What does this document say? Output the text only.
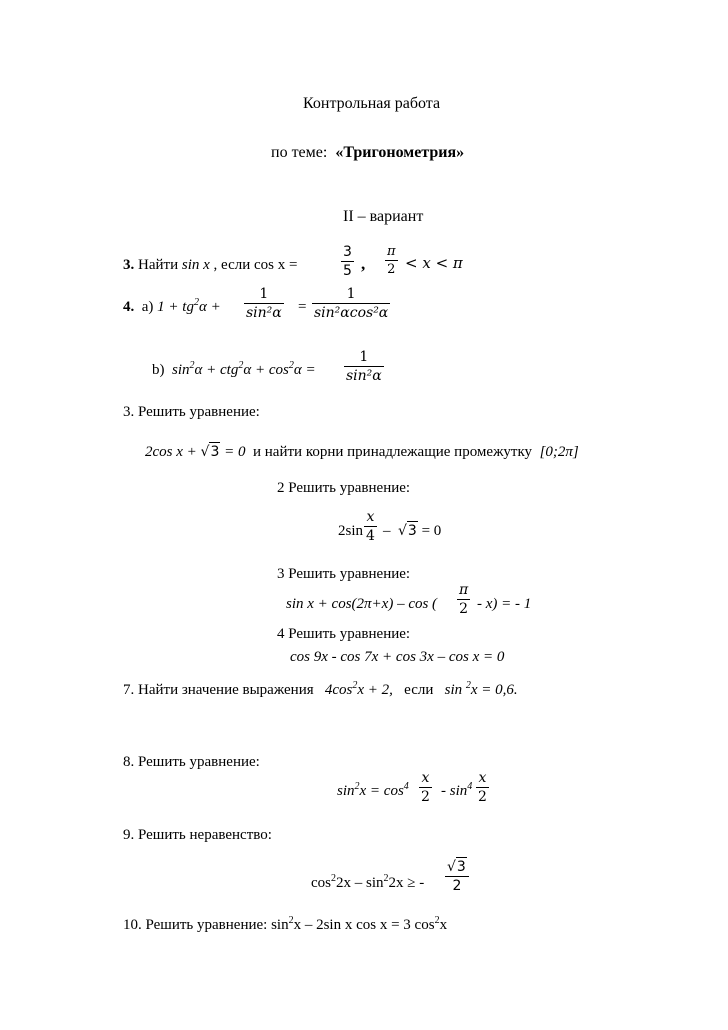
Контрольная работа
по теме: «Тригонометрия»
II – вариант
3. Найти sin x , если cos x =	$\frac{3}{5}$ , $\frac{\pi}{2} < x < \pi$
4. а) $1 + tg^2\alpha + \frac{1}{\text{sin²α}} = \frac{1}{\text{sin²αcos²α}}$
b) $\sin^2\alpha + ctg^2\alpha + \cos^2\alpha = \frac{1}{\text{sin²α}}$
3. Решить уравнение:
2cos x + √3 = 0 и найти корни принадлежащие промежутку [0;2π]
2 Решить уравнение:
$2\sin \frac{x}{4} - √3 = 0$
3 Решить уравнение:
sin x + cos(2π+x) – cos ( $\frac{\pi}{2} - x$) = - 1
4 Решить уравнение:
cos 9x - cos 7x + cos 3x – cos x = 0
7. Найти значение выражения $4\cos^2x + 2$, если sin $^2$x = 0,6.
8. Решить уравнение:
$\sin^2x = \cos^4 \frac{x}{2} - \sin^4 \frac{x}{2}$
9. Решить неравенство:
$\cos^22x - \sin^22x$ ≥ - $\frac{√3}{2}$
10. Решить уравнение: $\sin^2x - 2\sin$ x cos x = 3 $\cos^2x$
